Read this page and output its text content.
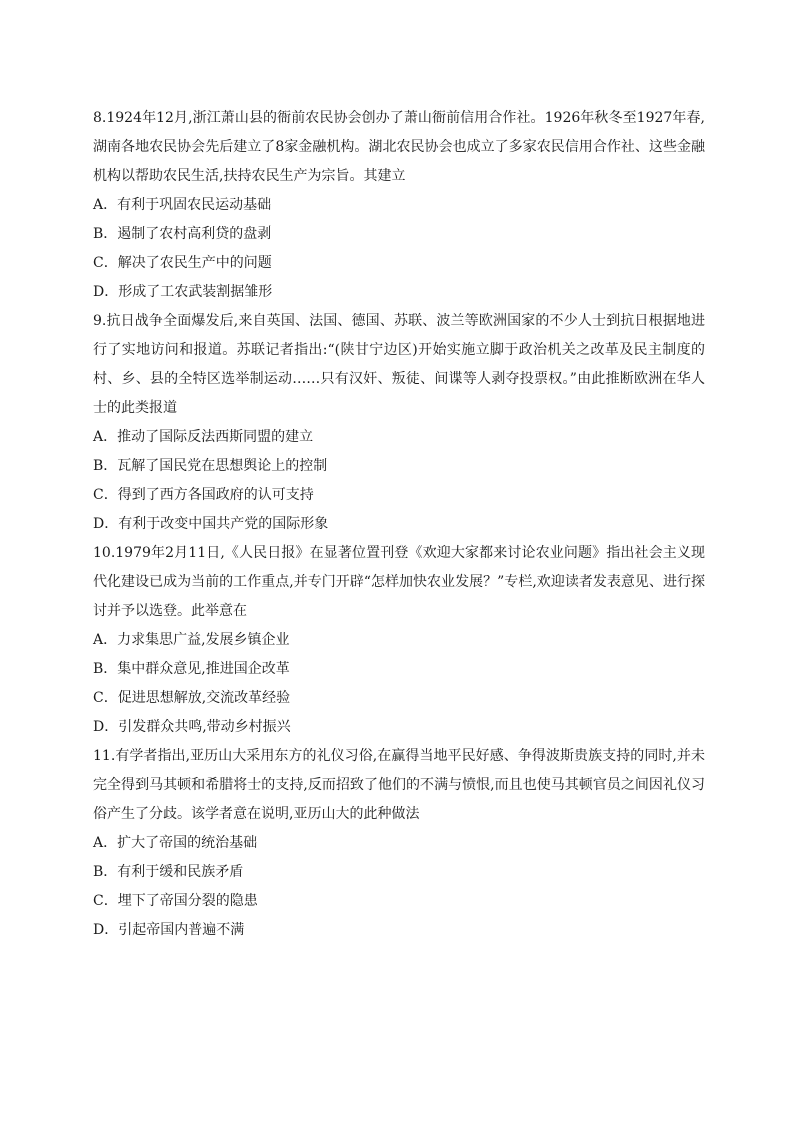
8.1924年12月,浙江萧山县的衙前农民协会创办了萧山衙前信用合作社。1926年秋冬至1927年春,湖南各地农民协会先后建立了8家金融机构。湖北农民协会也成立了多家农民信用合作社、这些金融机构以帮助农民生活,扶持农民生产为宗旨。其建立

A．有利于巩固农民运动基础

B．遏制了农村高利贷的盘剥

C．解决了农民生产中的问题

D．形成了工农武装割据雏形

9.抗日战争全面爆发后,来自英国、法国、德国、苏联、波兰等欧洲国家的不少人士到抗日根据地进行了实地访问和报道。苏联记者指出:“(陕甘宁边区)开始实施立脚于政治机关之改革及民主制度的村、乡、县的全特区选举制运动……只有汉奸、叛徒、间谍等人剥夺投票权。”由此推断欧洲在华人士的此类报道

A．推动了国际反法西斯同盟的建立

B．瓦解了国民党在思想舆论上的控制

C．得到了西方各国政府的认可支持

D．有利于改变中国共产党的国际形象

10.1979年2月11日,《人民日报》在显著位置刊登《欢迎大家都来讨论农业问题》指出社会主义现代化建设已成为当前的工作重点,并专门开辟“怎样加快农业发展？”专栏,欢迎读者发表意见、进行探讨并予以选登。此举意在

A．力求集思广益,发展乡镇企业

B．集中群众意见,推进国企改革

C．促进思想解放,交流改革经验

D．引发群众共鸣,带动乡村振兴

11.有学者指出,亚历山大采用东方的礼仪习俗,在赢得当地平民好感、争得波斯贵族支持的同时,并未完全得到马其顿和希腊将士的支持,反而招致了他们的不满与愤恨,而且也使马其顿官员之间因礼仪习俗产生了分歧。该学者意在说明,亚历山大的此种做法

A．扩大了帝国的统治基础

B．有利于缓和民族矛盾

C．埋下了帝国分裂的隐患

D．引起帝国内普遍不满
